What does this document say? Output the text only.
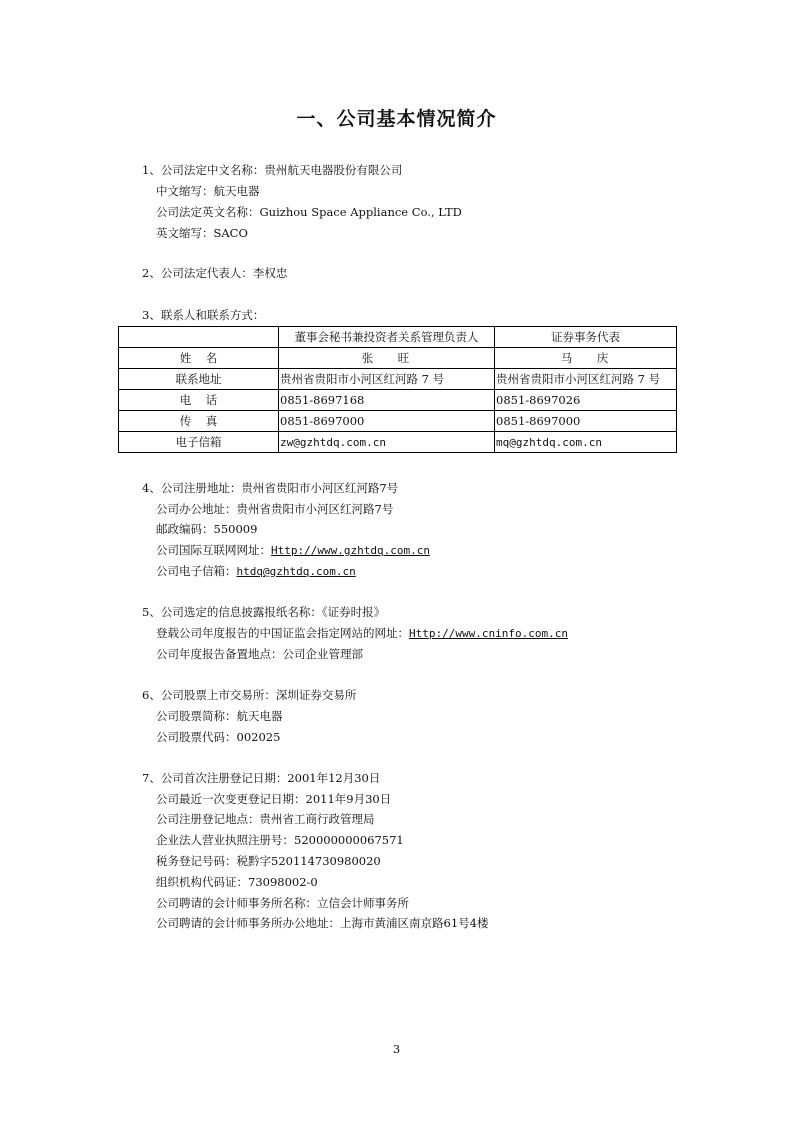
一、公司基本情况简介
1、公司法定中文名称：贵州航天电器股份有限公司
中文缩写：航天电器
公司法定英文名称：Guizhou Space Appliance Co., LTD
英文缩写：SACO
2、公司法定代表人：李权忠
3、联系人和联系方式：
	董事会秘书兼投资者关系管理负责人	证券事务代表
姓    名	张    旺	马    庆
联系地址	贵州省贵阳市小河区红河路 7 号	贵州省贵阳市小河区红河路 7 号
电    话	0851-8697168	0851-8697026
传    真	0851-8697000	0851-8697000
电子信箱	zw@gzhtdq.com.cn	mq@gzhtdq.com.cn
4、公司注册地址：贵州省贵阳市小河区红河路7号
公司办公地址：贵州省贵阳市小河区红河路7号
邮政编码：550009
公司国际互联网网址：Http://www.gzhtdq.com.cn
公司电子信箱：htdq@gzhtdq.com.cn
5、公司选定的信息披露报纸名称：《证券时报》
登载公司年度报告的中国证监会指定网站的网址：Http://www.cninfo.com.cn
公司年度报告备置地点：公司企业管理部
6、公司股票上市交易所：深圳证券交易所
公司股票简称：航天电器
公司股票代码：002025
7、公司首次注册登记日期：2001年12月30日
公司最近一次变更登记日期：2011年9月30日
公司注册登记地点：贵州省工商行政管理局
企业法人营业执照注册号：520000000067571
税务登记号码：税黔字520114730980020
组织机构代码证：73098002-0
公司聘请的会计师事务所名称：立信会计师事务所
公司聘请的会计师事务所办公地址：上海市黄浦区南京路61号4楼
3
